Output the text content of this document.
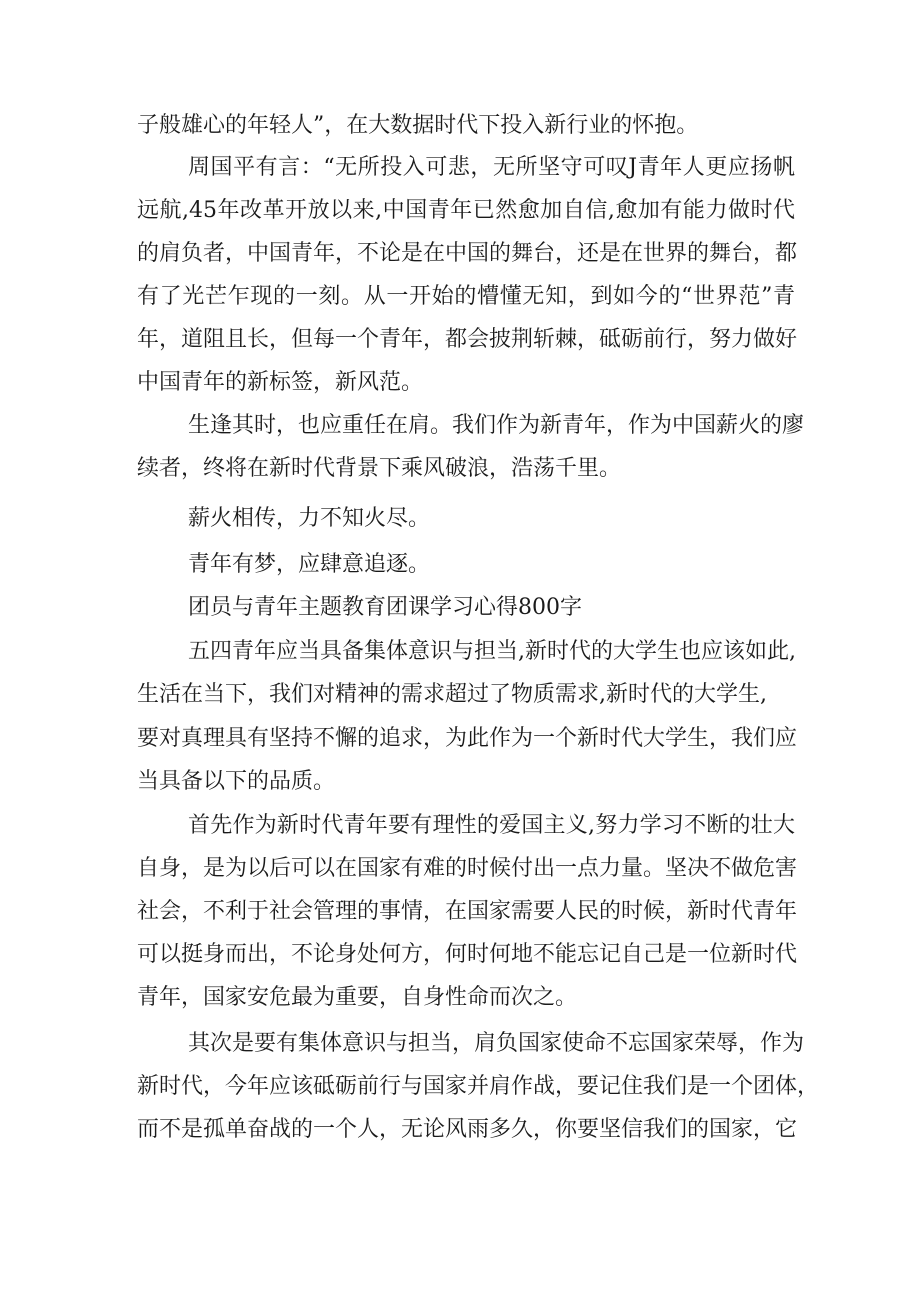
子般雄心的年轻人”，在大数据时代下投入新行业的怀抱。
周国平有言：“无所投入可悲，无所坚守可叹J青年人更应扬帆
远航,45年改革开放以来,中国青年已然愈加自信,愈加有能力做时代
的肩负者，中国青年，不论是在中国的舞台，还是在世界的舞台，都
有了光芒乍现的一刻。从一开始的懵懂无知，到如今的“世界范”青
年，道阻且长，但每一个青年，都会披荆斩棘，砥砺前行，努力做好
中国青年的新标签，新风范。
生逢其时，也应重任在肩。我们作为新青年，作为中国薪火的廖
续者，终将在新时代背景下乘风破浪，浩荡千里。
薪火相传，力不知火尽。
青年有梦，应肆意追逐。
团员与青年主题教育团课学习心得800字
五四青年应当具备集体意识与担当,新时代的大学生也应该如此,
生活在当下，我们对精神的需求超过了物质需求,新时代的大学生,
要对真理具有坚持不懈的追求，为此作为一个新时代大学生，我们应
当具备以下的品质。
首先作为新时代青年要有理性的爱国主义,努力学习不断的壮大
自身，是为以后可以在国家有难的时候付出一点力量。坚决不做危害
社会，不利于社会管理的事情，在国家需要人民的时候，新时代青年
可以挺身而出，不论身处何方，何时何地不能忘记自己是一位新时代
青年，国家安危最为重要，自身性命而次之。
其次是要有集体意识与担当，肩负国家使命不忘国家荣辱，作为
新时代，今年应该砥砺前行与国家并肩作战，要记住我们是一个团体，
而不是孤单奋战的一个人，无论风雨多久，你要坚信我们的国家，它
